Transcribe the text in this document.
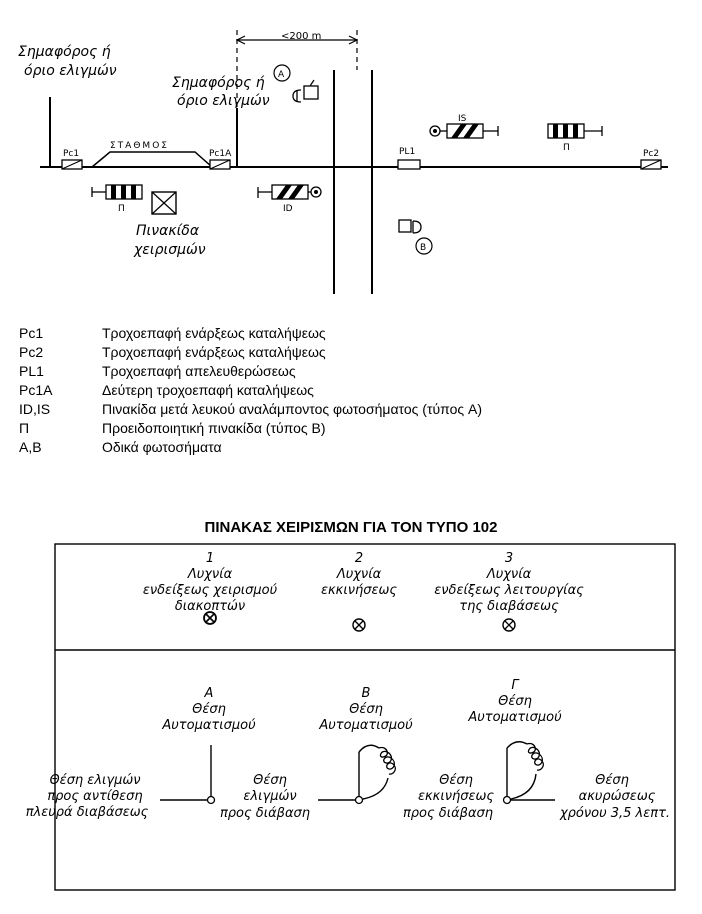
Σημαφόρος ή
όριο ελιγμών
Σημαφόρος ή
όριο ελιγμών
<200 m
ΣΤΑΘΜΟΣ
Pc1	Pc1A	PL1	Pc2
IS
ID
Π
Π
A
B
Πινακίδα
χειρισμών
1
Λυχνία
ενδείξεως χειρισμού
διακοπτών
2
Λυχνία
εκκινήσεως
3
Λυχνία
ενδείξεως λειτουργίας
της διαβάσεως
A
Θέση
Αυτοματισμού
B
Θέση
Αυτοματισμού
Γ
Θέση
Αυτοματισμού
Θέση ελιγμών
προς αντίθεση
πλευρά διαβάσεως
Θέση
ελιγμών
προς διάβαση
Θέση
εκκινήσεως
προς διάβαση
Θέση
ακυρώσεως
χρόνου 3,5 λεπτ.
Pc1	Τροχοεπαφή ενάρξεως καταλήψεως
Pc2	Τροχοεπαφή ενάρξεως καταλήψεως
PL1	Τροχοεπαφή απελευθερώσεως
Pc1A	Δεύτερη τροχοεπαφή καταλήψεως
ID,IS	Πινακίδα μετά λευκού αναλάμποντος φωτοσήματος (τύπος A)
Π	Προειδοποιητική πινακίδα (τύπος B)
A,B	Οδικά φωτοσήματα
ΠΙΝΑΚΑΣ ΧΕΙΡΙΣΜΩΝ ΓΙΑ ΤΟΝ ΤΥΠΟ 102
